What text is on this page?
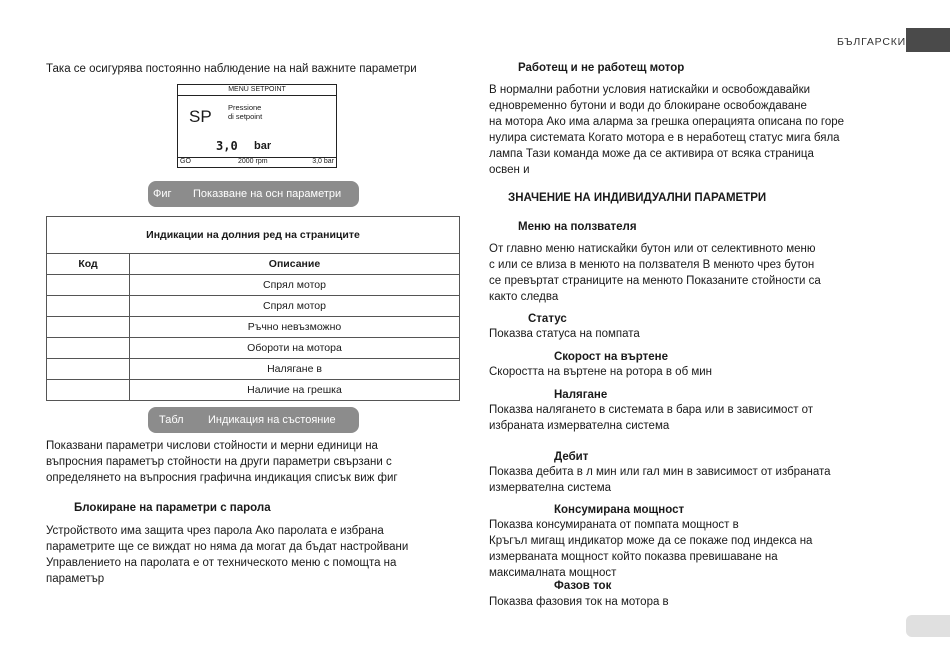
БЪЛГАРСКИ
Така се осигурява постоянно наблюдение на най важните параметри
MENÙ SETPOINT
SP Pressione
di setpoint
3,0 bar
GO	2000 rpm	3,0 bar
Фиг Показване на осн параметри
Индикации на долния ред на страниците	
Код	Описание
	Спрял мотор
	Спрял мотор
	Ръчно невъзможно
	Обороти на мотора
	Налягане в
	Наличие на грешка
Табл Индикация на състояние
Показвани параметри числови стойности и мерни единици на
въпросния параметър стойности на други параметри свързани с
определянето на въпросния графична индикация списък виж фиг
Блокиране на параметри с парола
Устройството има защита чрез парола Ако паролата е избрана
параметрите ще се виждат но няма да могат да бъдат настройвани
Управлението на паролата е от техническото меню с помощта на
параметър
Работещ и не работещ мотор
В нормални работни условия натискайки и освобождавайки
едновременно бутони и води до блокиране освобождаване
на мотора Ако има аларма за грешка операцията описана по горе
нулира системата Когато мотора е в неработещ статус мига бяла
лампа Тази команда може да се активира от всяка страница
освен и
ЗНАЧЕНИЕ НА ИНДИВИДУАЛНИ ПАРАМЕТРИ
Меню на ползвателя
От главно меню натискайки бутон или от селективното меню
с или се влиза в менюто на ползвателя В менюто чрез бутон
се превъртат страниците на менюто Показаните стойности са
както следва
Статус
Показва статуса на помпата
Скорост на въртене
Скоростта на въртене на ротора в об мин
Налягане
Показва налягането в системата в бара или в зависимост от
избраната измервателна система
Дебит
Показва дебита в л мин или гал мин в зависимост от избраната
измервателна система
Консумирана мощност
Показва консумираната от помпата мощност в
Кръгъл мигащ индикатор може да се покаже под индекса на
измерваната мощност който показва превишаване на
максималната мощност
Фазов ток
Показва фазовия ток на мотора в
